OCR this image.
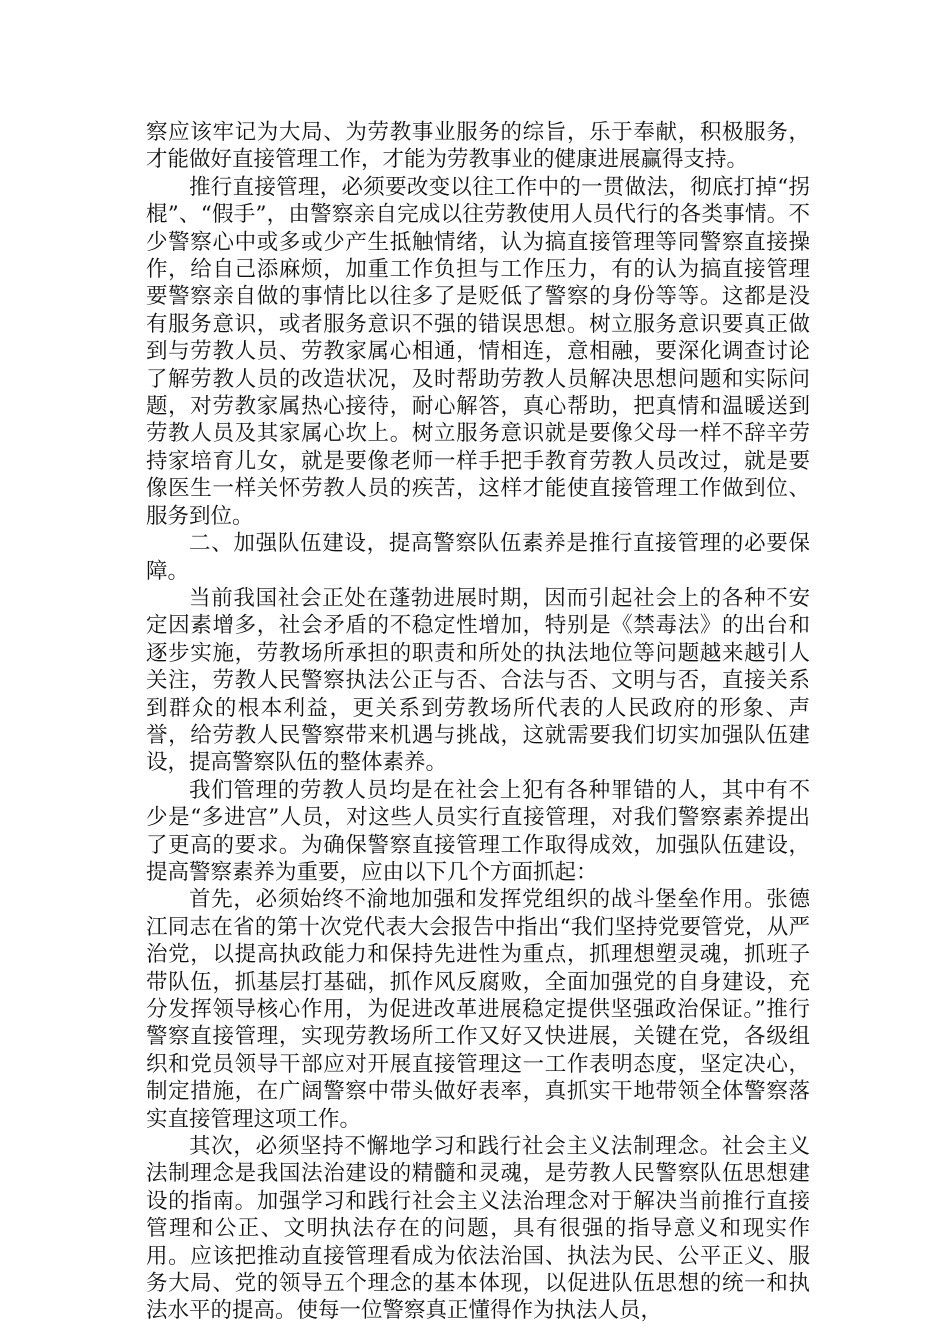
察应该牢记为大局、为劳教事业服务的综旨，乐于奉献，积极服务，才能做好直接管理工作，才能为劳教事业的健康进展赢得支持。

推行直接管理，必须要改变以往工作中的一贯做法，彻底打掉“拐棍”、“假手”，由警察亲自完成以往劳教使用人员代行的各类事情。不少警察心中或多或少产生抵触情绪，认为搞直接管理等同警察直接操作，给自己添麻烦，加重工作负担与工作压力，有的认为搞直接管理要警察亲自做的事情比以往多了是贬低了警察的身份等等。这都是没有服务意识，或者服务意识不强的错误思想。树立服务意识要真正做到与劳教人员、劳教家属心相通，情相连，意相融，要深化调查讨论了解劳教人员的改造状况，及时帮助劳教人员解决思想问题和实际问题，对劳教家属热心接待，耐心解答，真心帮助，把真情和温暖送到劳教人员及其家属心坎上。树立服务意识就是要像父母一样不辞辛劳持家培育儿女，就是要像老师一样手把手教育劳教人员改过，就是要像医生一样关怀劳教人员的疾苦，这样才能使直接管理工作做到位、服务到位。

二、加强队伍建设，提高警察队伍素养是推行直接管理的必要保障。

当前我国社会正处在蓬勃进展时期，因而引起社会上的各种不安定因素增多，社会矛盾的不稳定性增加，特别是《禁毒法》的出台和逐步实施，劳教场所承担的职责和所处的执法地位等问题越来越引人关注，劳教人民警察执法公正与否、合法与否、文明与否，直接关系到群众的根本利益，更关系到劳教场所代表的人民政府的形象、声誉，给劳教人民警察带来机遇与挑战，这就需要我们切实加强队伍建设，提高警察队伍的整体素养。

我们管理的劳教人员均是在社会上犯有各种罪错的人，其中有不少是“多进宫”人员，对这些人员实行直接管理，对我们警察素养提出了更高的要求。为确保警察直接管理工作取得成效，加强队伍建设，提高警察素养为重要，应由以下几个方面抓起：

首先，必须始终不渝地加强和发挥党组织的战斗堡垒作用。张德江同志在省的第十次党代表大会报告中指出“我们坚持党要管党，从严治党，以提高执政能力和保持先进性为重点，抓理想塑灵魂，抓班子带队伍，抓基层打基础，抓作风反腐败，全面加强党的自身建设，充分发挥领导核心作用，为促进改革进展稳定提供坚强政治保证。”推行警察直接管理，实现劳教场所工作又好又快进展，关键在党，各级组织和党员领导干部应对开展直接管理这一工作表明态度，坚定决心，制定措施，在广阔警察中带头做好表率，真抓实干地带领全体警察落实直接管理这项工作。

其次，必须坚持不懈地学习和践行社会主义法制理念。社会主义法制理念是我国法治建设的精髓和灵魂，是劳教人民警察队伍思想建设的指南。加强学习和践行社会主义法治理念对于解决当前推行直接管理和公正、文明执法存在的问题，具有很强的指导意义和现实作用。应该把推动直接管理看成为依法治国、执法为民、公平正义、服务大局、党的领导五个理念的基本体现，以促进队伍思想的统一和执法水平的提高。使每一位警察真正懂得作为执法人员，
